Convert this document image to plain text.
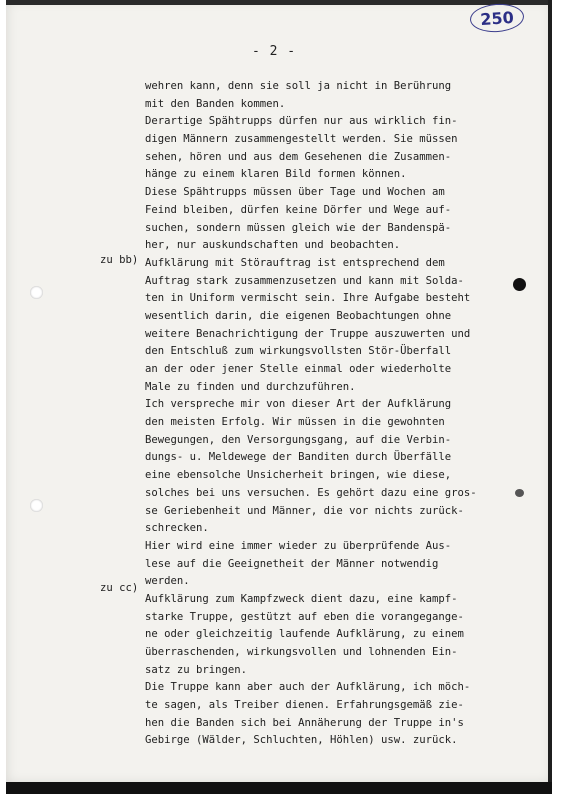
250
- 2 -
zu bb)
zu cc)
wehren kann, denn sie soll ja nicht in Berührung
mit den Banden kommen.
Derartige Spähtrupps dürfen nur aus wirklich fin-
digen Männern zusammengestellt werden. Sie müssen
sehen, hören und aus dem Gesehenen die Zusammen-
hänge zu einem klaren Bild formen können.
Diese Spähtrupps müssen über Tage und Wochen am
Feind bleiben, dürfen keine Dörfer und Wege auf-
suchen, sondern müssen gleich wie der Bandenspä-
her, nur auskundschaften und beobachten.
Aufklärung mit Störauftrag ist entsprechend dem
Auftrag stark zusammenzusetzen und kann mit Solda-
ten in Uniform vermischt sein. Ihre Aufgabe besteht
wesentlich darin, die eigenen Beobachtungen ohne
weitere Benachrichtigung der Truppe auszuwerten und
den Entschluß zum wirkungsvollsten Stör-Überfall
an der oder jener Stelle einmal oder wiederholte
Male zu finden und durchzuführen.
Ich verspreche mir von dieser Art der Aufklärung
den meisten Erfolg. Wir müssen in die gewohnten
Bewegungen, den Versorgungsgang, auf die Verbin-
dungs- u. Meldewege der Banditen durch Überfälle
eine ebensolche Unsicherheit bringen, wie diese,
solches bei uns versuchen. Es gehört dazu eine gros-
se Geriebenheit und Männer, die vor nichts zurück-
schrecken.
Hier wird eine immer wieder zu überprüfende Aus-
lese auf die Geeignetheit der Männer notwendig
werden.
Aufklärung zum Kampfzweck dient dazu, eine kampf-
starke Truppe, gestützt auf eben die vorangegange-
ne oder gleichzeitig laufende Aufklärung, zu einem
überraschenden, wirkungsvollen und lohnenden Ein-
satz zu bringen.
Die Truppe kann aber auch der Aufklärung, ich möch-
te sagen, als Treiber dienen. Erfahrungsgemäß zie-
hen die Banden sich bei Annäherung der Truppe in's
Gebirge (Wälder, Schluchten, Höhlen) usw. zurück.
